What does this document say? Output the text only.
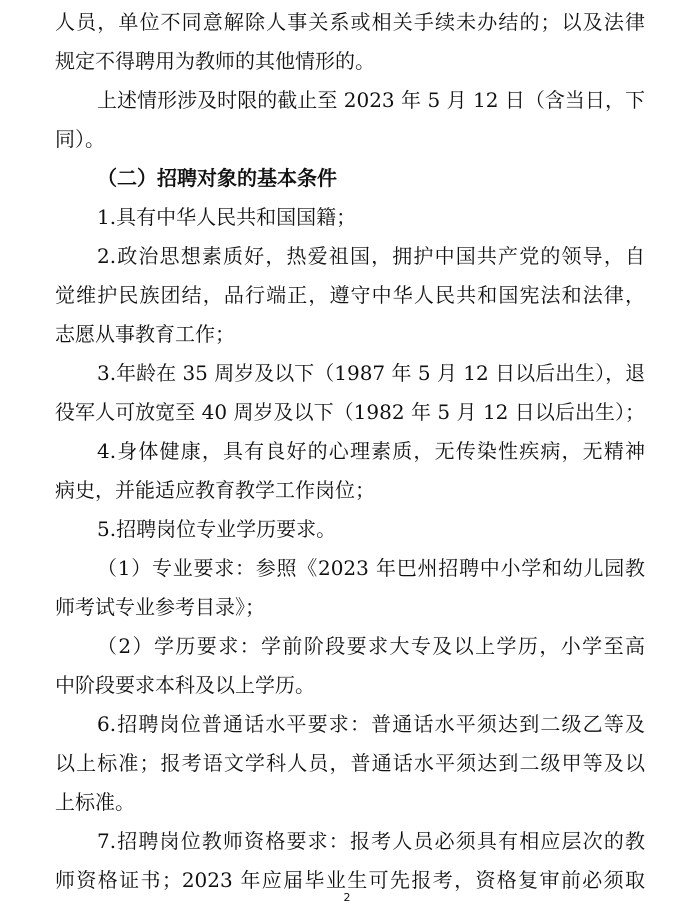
人员，单位不同意解除人事关系或相关手续未办结的；以及法律
规定不得聘用为教师的其他情形的。
上述情形涉及时限的截止至 2023 年 5 月 12 日（含当日，下
同）。
（二）招聘对象的基本条件
1.具有中华人民共和国国籍；
2.政治思想素质好，热爱祖国，拥护中国共产党的领导，自
觉维护民族团结，品行端正，遵守中华人民共和国宪法和法律，
志愿从事教育工作；
3.年龄在 35 周岁及以下（1987 年 5 月 12 日以后出生），退
役军人可放宽至 40 周岁及以下（1982 年 5 月 12 日以后出生）；
4.身体健康，具有良好的心理素质，无传染性疾病，无精神
病史，并能适应教育教学工作岗位；
5.招聘岗位专业学历要求。
（1）专业要求：参照《2023 年巴州招聘中小学和幼儿园教
师考试专业参考目录》；
（2）学历要求：学前阶段要求大专及以上学历，小学至高
中阶段要求本科及以上学历。
6.招聘岗位普通话水平要求：普通话水平须达到二级乙等及
以上标准；报考语文学科人员，普通话水平须达到二级甲等及以
上标准。
7.招聘岗位教师资格要求：报考人员必须具有相应层次的教
师资格证书；2023 年应届毕业生可先报考，资格复审前必须取
2
